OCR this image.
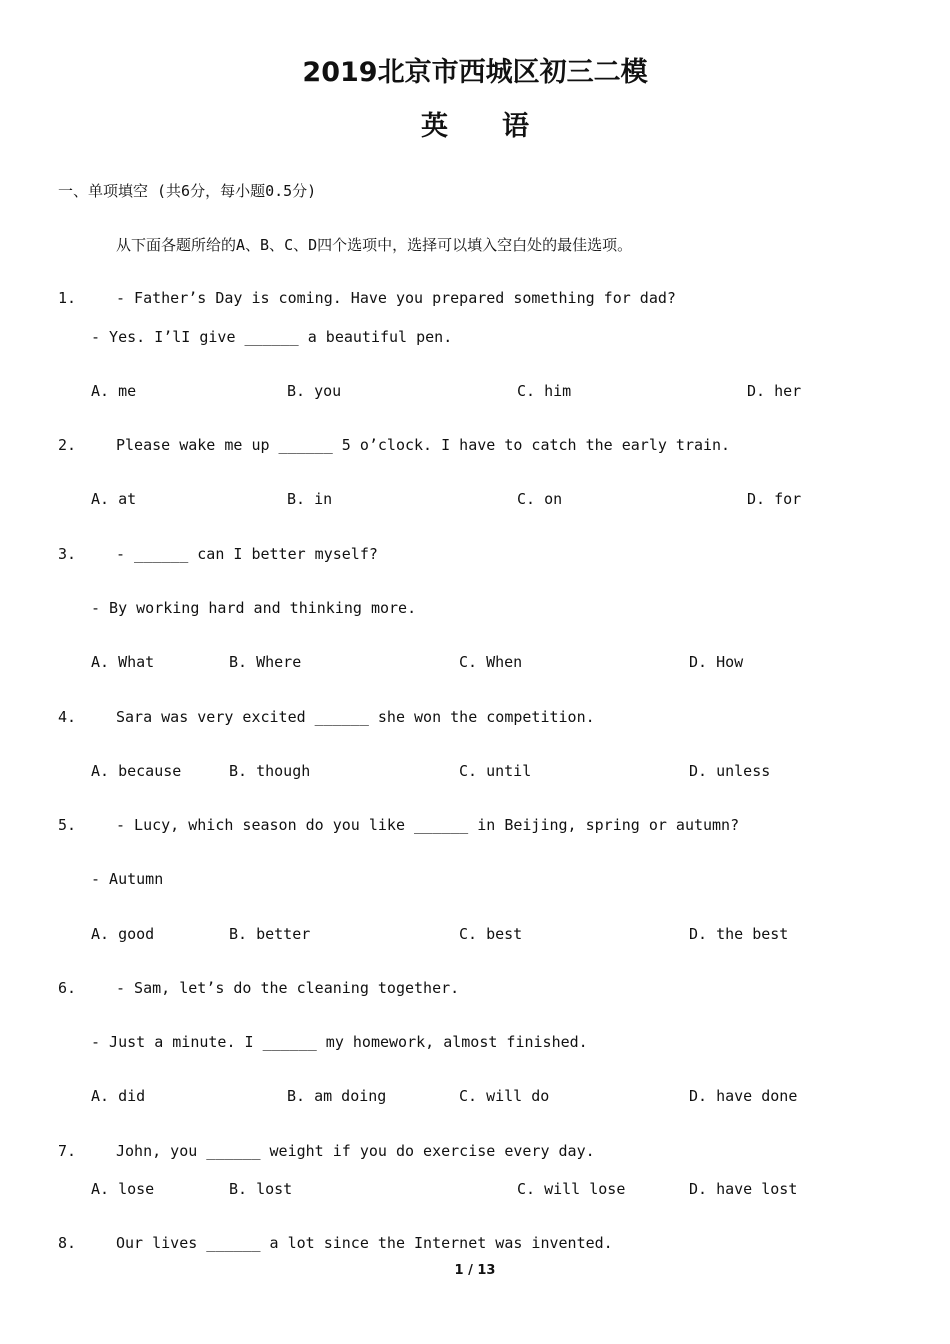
2019北京市西城区初三二模
英　　语
一、单项填空 (共6分，每小题0.5分)
从下面各题所给的A、B、C、D四个选项中，选择可以填入空白处的最佳选项。
1.	- Father’s Day is coming. Have you prepared something for dad?
- Yes. I’lI give ______ a beautiful pen.
A. me	B. you	C. him	D. her
2.	Please wake me up ______ 5 o’clock. I have to catch the early train.
A. at	B. in	C. on	D. for
3.	- ______ can I better myself?
- By working hard and thinking more.
A. What	B. Where	C. When	D. How
4.	Sara was very excited ______ she won the competition.
A. because	B. though	C. until	D. unless
5.	- Lucy, which season do you like ______ in Beijing, spring or autumn?
- Autumn
A. good	B. better	C. best	D. the best
6.	- Sam, let’s do the cleaning together.
- Just a minute. I ______ my homework, almost finished.
A. did	B. am doing	C. will do	D. have done
7.	John, you ______ weight if you do exercise every day.
A. lose	B. lost	C. will lose	D. have lost
8.	Our lives ______ a lot since the Internet was invented.
1 / 13
